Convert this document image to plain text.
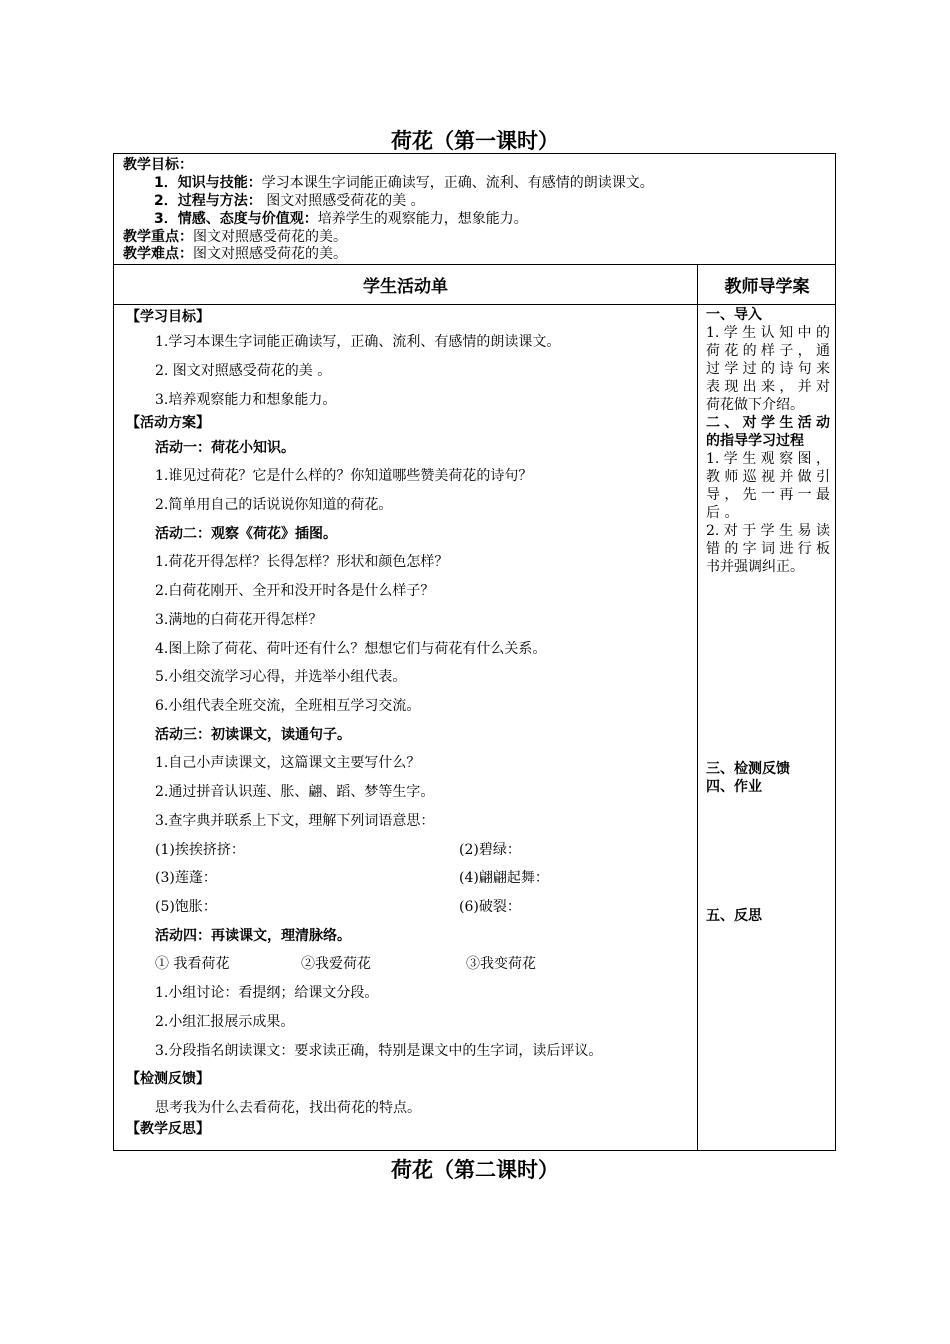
荷花（第一课时）
教学目标：
1．知识与技能：学习本课生字词能正确读写，正确、流利、有感情的朗读课文。
2．过程与方法： 图文对照感受荷花的美 。
3．情感、态度与价值观：培养学生的观察能力，想象能力。
教学重点：图文对照感受荷花的美。
教学难点：图文对照感受荷花的美。
学生活动单	教师导学案
【学习目标】
1.学习本课生字词能正确读写，正确、流利、有感情的朗读课文。
2. 图文对照感受荷花的美 。
3.培养观察能力和想象能力。
【活动方案】
活动一：荷花小知识。
1.谁见过荷花？它是什么样的？你知道哪些赞美荷花的诗句？
2.简单用自己的话说说你知道的荷花。
活动二：观察《荷花》插图。
1.荷花开得怎样？长得怎样？形状和颜色怎样？
2.白荷花刚开、全开和没开时各是什么样子？
3.满地的白荷花开得怎样？
4.图上除了荷花、荷叶还有什么？想想它们与荷花有什么关系。
5.小组交流学习心得，并选举小组代表。
6.小组代表全班交流，全班相互学习交流。
活动三：初读课文，读通句子。
1.自己小声读课文，这篇课文主要写什么？
2.通过拼音认识莲、胀、翩、蹈、梦等生字。
3.查字典并联系上下文，理解下列词语意思：
(1)挨挨挤挤：	(2)碧绿：
(3)莲蓬：	(4)翩翩起舞：
(5)饱胀：	(6)破裂：
活动四：再读课文，理清脉络。
① 我看荷花	②我爱荷花	③我变荷花
1.小组讨论：看提纲；给课文分段。
2.小组汇报展示成果。
3.分段指名朗读课文：要求读正确，特别是课文中的生字词，读后评议。
【检测反馈】
思考我为什么去看荷花，找出荷花的特点。
【教学反思】
一、导入
1.学生认知中的
荷花的样子，通
过学过的诗句来
表现出来，并对
荷花做下介绍。
二、对学生活动
的指导学习过程
1.学生观察图，
教师巡视并做引
导，先一再一最
后 。
2.对于学生易读
错的字词进行板
书并强调纠正。
三、检测反馈
四、作业
五、反思
荷花（第二课时）
